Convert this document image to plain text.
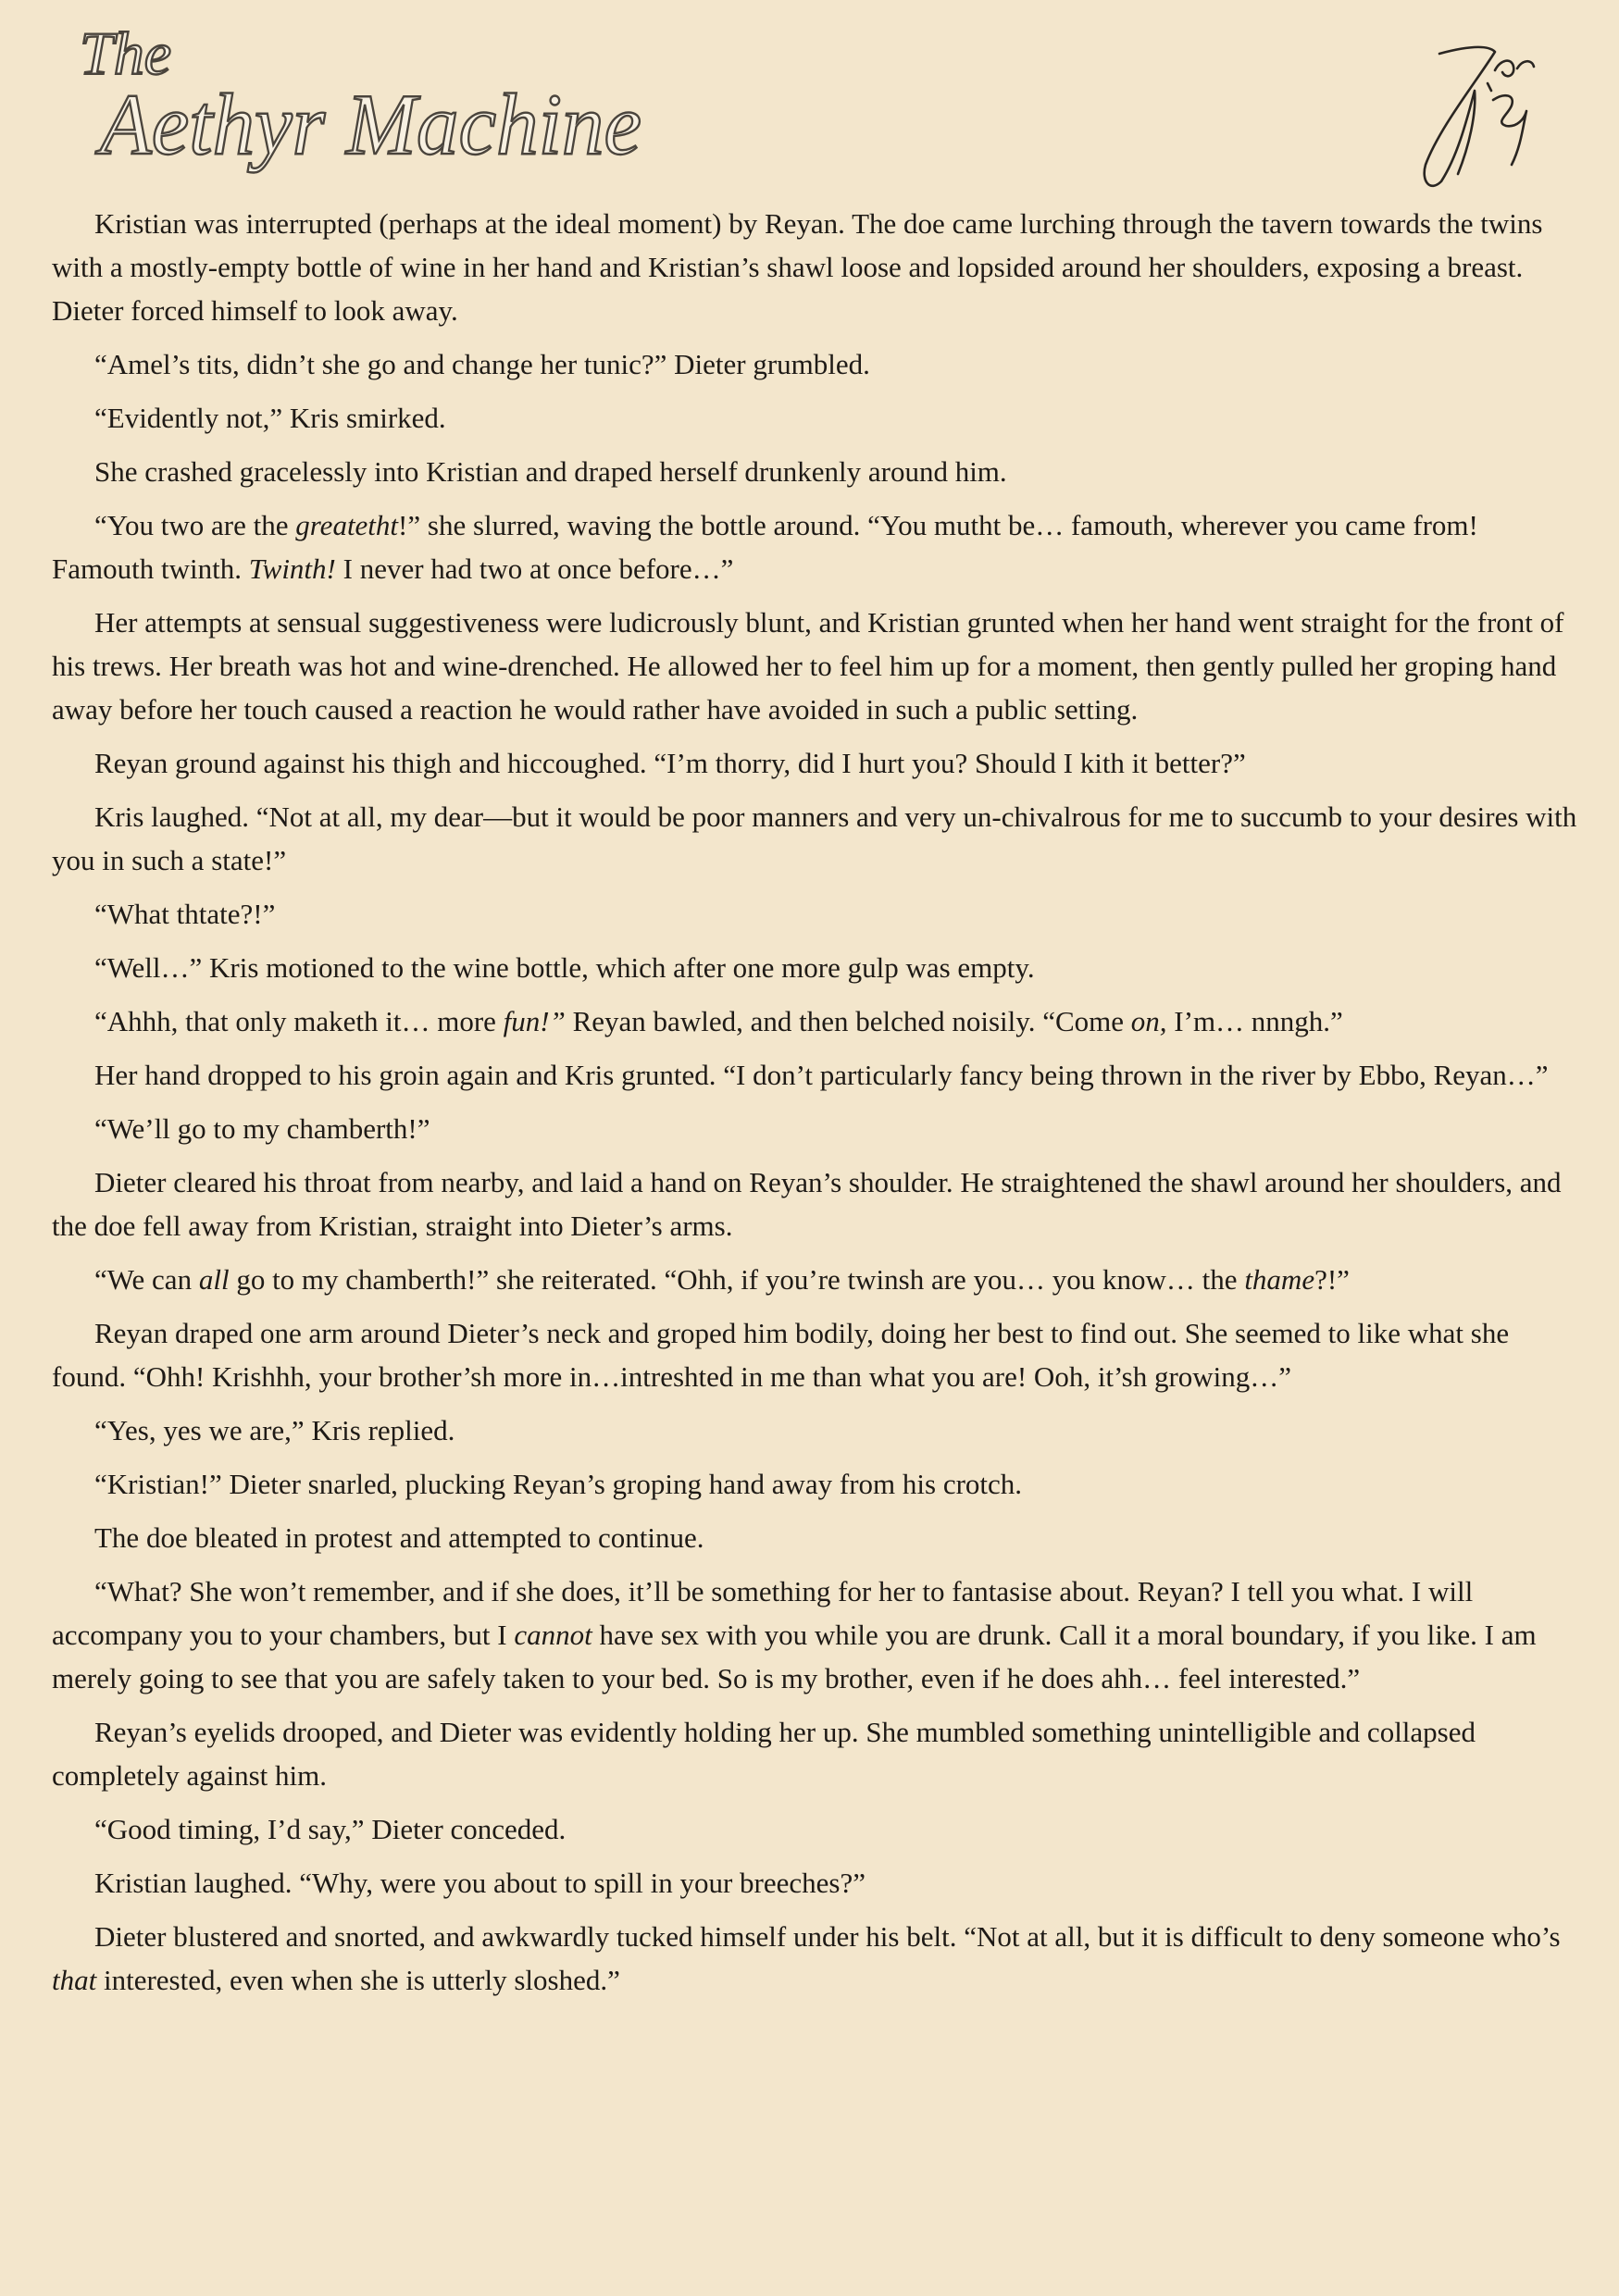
The
Aethyr Machine

Kristian was interrupted (perhaps at the ideal moment) by Reyan. The doe came lurching through the tavern towards the twins with a mostly-empty bottle of wine in her hand and Kristian’s shawl loose and lopsided around her shoulders, exposing a breast. Dieter forced himself to look away.

“Amel’s tits, didn’t she go and change her tunic?” Dieter grumbled.

“Evidently not,” Kris smirked.

She crashed gracelessly into Kristian and draped herself drunkenly around him.

“You two are the greatetht!” she slurred, waving the bottle around. “You mutht be… famouth, wherever you came from! Famouth twinth. Twinth! I never had two at once before…”

Her attempts at sensual suggestiveness were ludicrously blunt, and Kristian grunted when her hand went straight for the front of his trews. Her breath was hot and wine-drenched. He allowed her to feel him up for a moment, then gently pulled her groping hand away before her touch caused a reaction he would rather have avoided in such a public setting.

Reyan ground against his thigh and hiccoughed. “I’m thorry, did I hurt you? Should I kith it better?”

Kris laughed. “Not at all, my dear—but it would be poor manners and very un-chivalrous for me to succumb to your desires with you in such a state!”

“What thtate?!”

“Well…” Kris motioned to the wine bottle, which after one more gulp was empty.

“Ahhh, that only maketh it… more fun!” Reyan bawled, and then belched noisily. “Come on, I’m… nnngh.”

Her hand dropped to his groin again and Kris grunted. “I don’t particularly fancy being thrown in the river by Ebbo, Reyan…”

“We’ll go to my chamberth!”

Dieter cleared his throat from nearby, and laid a hand on Reyan’s shoulder. He straightened the shawl around her shoulders, and the doe fell away from Kristian, straight into Dieter’s arms.

“We can all go to my chamberth!” she reiterated. “Ohh, if you’re twinsh are you… you know… the thame?!”

Reyan draped one arm around Dieter’s neck and groped him bodily, doing her best to find out. She seemed to like what she found. “Ohh! Krishhh, your brother’sh more in…intreshted in me than what you are! Ooh, it’sh growing…”

“Yes, yes we are,” Kris replied.

“Kristian!” Dieter snarled, plucking Reyan’s groping hand away from his crotch.

The doe bleated in protest and attempted to continue.

“What? She won’t remember, and if she does, it’ll be something for her to fantasise about. Reyan? I tell you what. I will accompany you to your chambers, but I cannot have sex with you while you are drunk. Call it a moral boundary, if you like. I am merely going to see that you are safely taken to your bed. So is my brother, even if he does ahh… feel interested.”

Reyan’s eyelids drooped, and Dieter was evidently holding her up. She mumbled something unintelligible and collapsed completely against him.

“Good timing, I’d say,” Dieter conceded.

Kristian laughed. “Why, were you about to spill in your breeches?”

Dieter blustered and snorted, and awkwardly tucked himself under his belt. “Not at all, but it is difficult to deny someone who’s that interested, even when she is utterly sloshed.”
